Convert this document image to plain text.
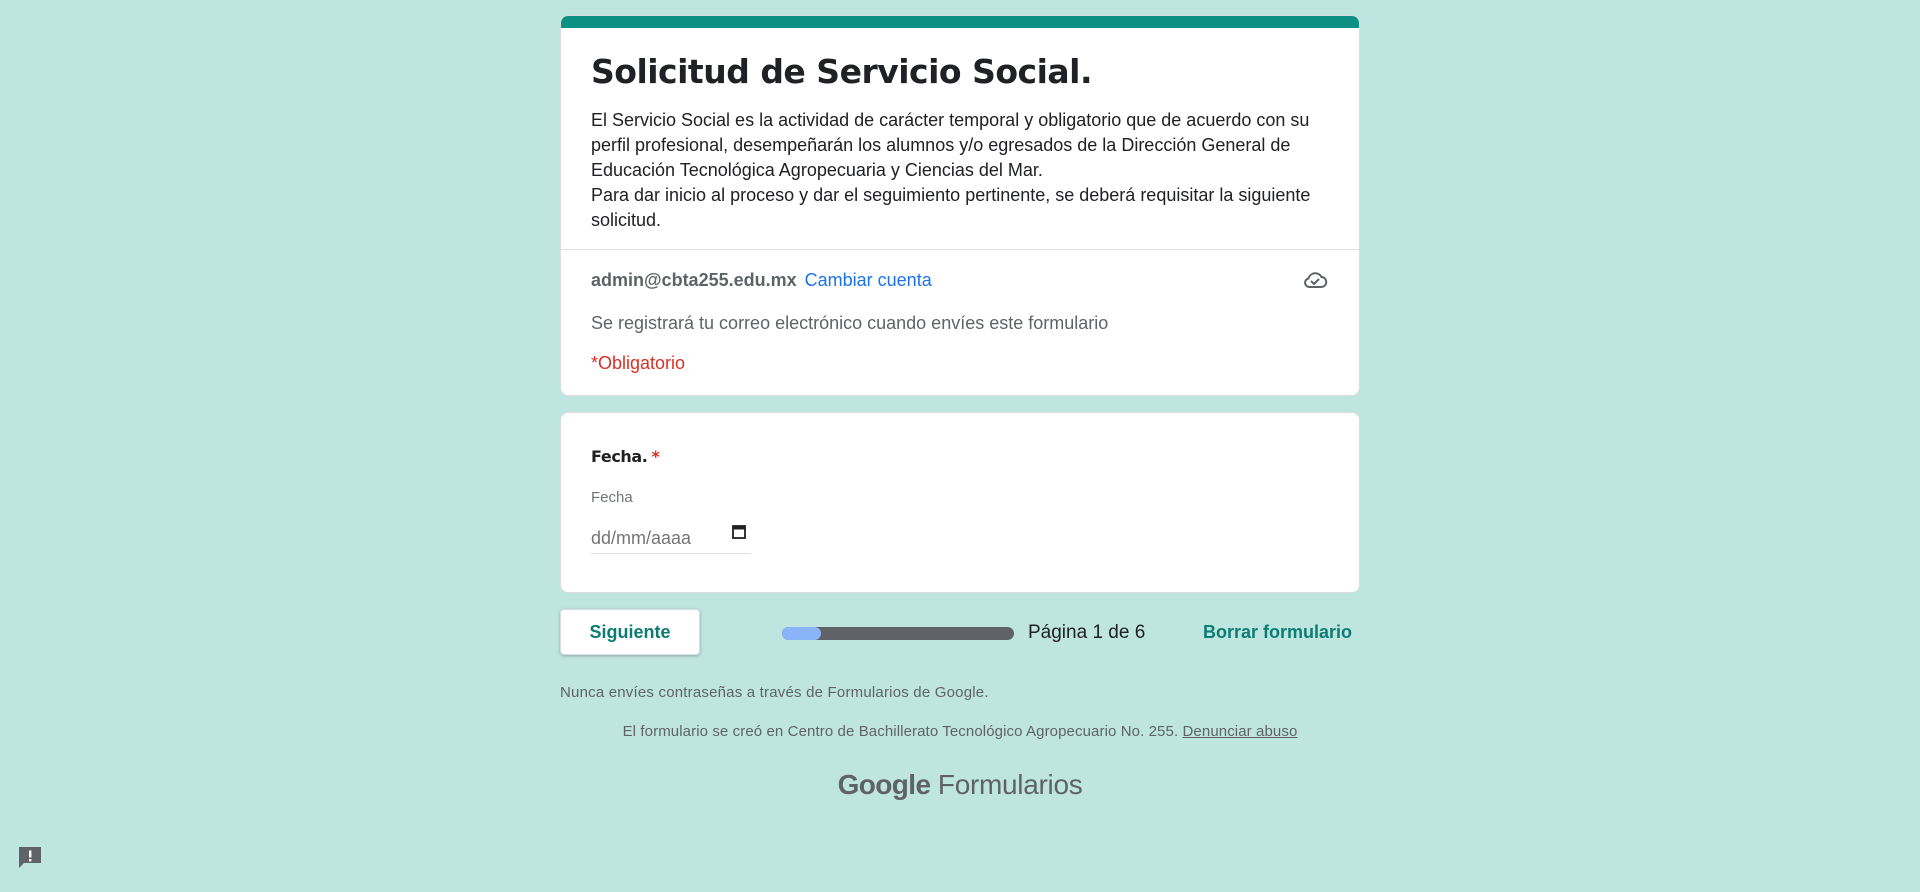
Solicitud de Servicio Social.
El Servicio Social es la actividad de carácter temporal y obligatorio que de acuerdo con su
perfil profesional, desempeñarán los alumnos y/o egresados de la Dirección General de
Educación Tecnológica Agropecuaria y Ciencias del Mar.
Para dar inicio al proceso y dar el seguimiento pertinente, se deberá requisitar la siguiente
solicitud.
admin@cbta255.edu.mx Cambiar cuenta
Se registrará tu correo electrónico cuando envíes este formulario
*Obligatorio
Fecha. *
Fecha
dd/mm/aaaa
Siguiente	Página 1 de 6	Borrar formulario
Nunca envíes contraseñas a través de Formularios de Google.
El formulario se creó en Centro de Bachillerato Tecnológico Agropecuario No. 255. Denunciar abuso
Google Formularios
